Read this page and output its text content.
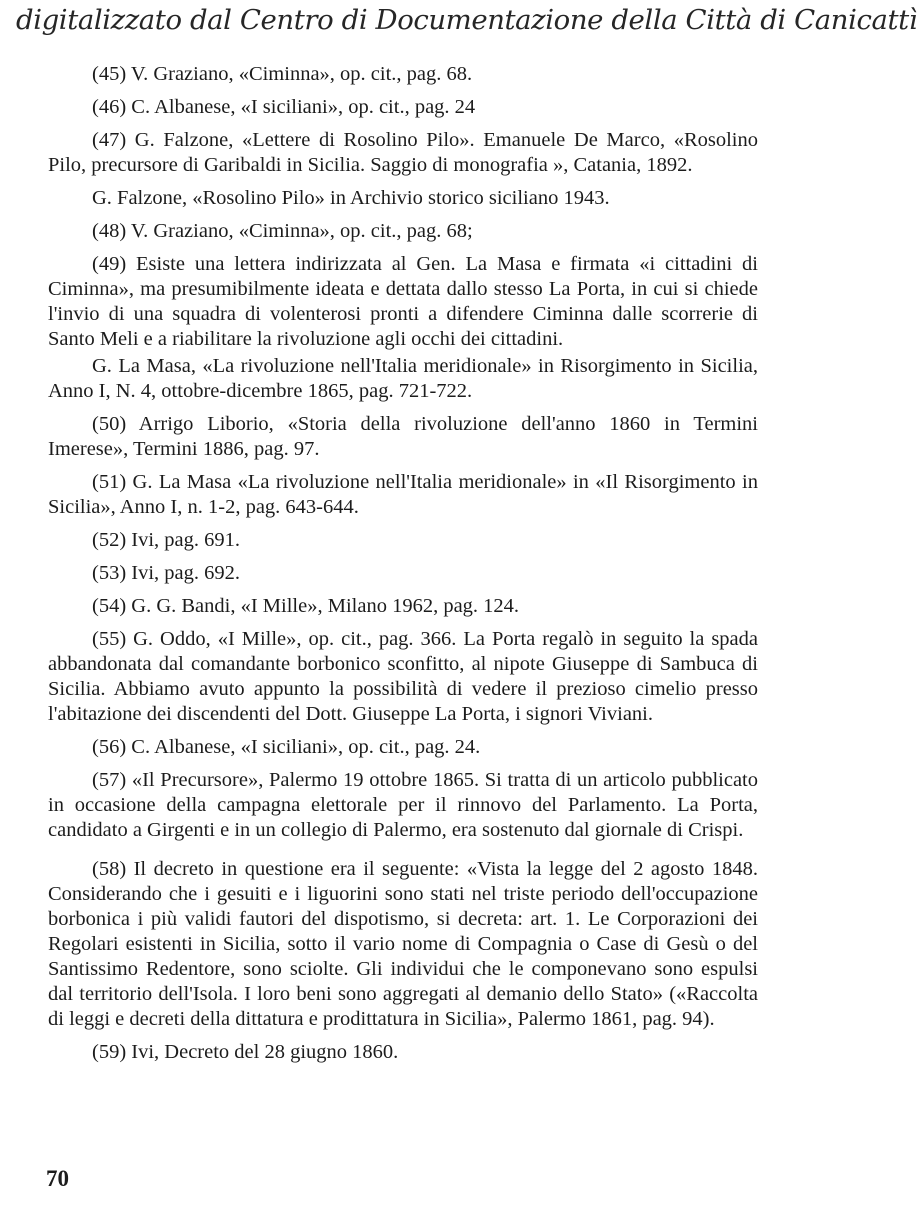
digitalizzato dal Centro di Documentazione della Città di Canicattì

(45) V. Graziano, «Ciminna», op. cit., pag. 68.

(46) C. Albanese, «I siciliani», op. cit., pag. 24

(47) G. Falzone, «Lettere di Rosolino Pilo». Emanuele De Marco, «Rosolino Pilo, precursore di Garibaldi in Sicilia. Saggio di monografia », Catania, 1892.

G. Falzone, «Rosolino Pilo» in Archivio storico siciliano 1943.

(48) V. Graziano, «Ciminna», op. cit., pag. 68;

(49) Esiste una lettera indirizzata al Gen. La Masa e firmata «i cittadini di Ciminna», ma presumibilmente ideata e dettata dallo stesso La Porta, in cui si chiede l'invio di una squadra di volenterosi pronti a difendere Ciminna dalle scorrerie di Santo Meli e a riabilitare la rivoluzione agli occhi dei cittadini.

G. La Masa, «La rivoluzione nell'Italia meridionale» in Risorgimento in Sicilia, Anno I, N. 4, ottobre-dicembre 1865, pag. 721-722.

(50) Arrigo Liborio, «Storia della rivoluzione dell'anno 1860 in Termini Imerese», Termini 1886, pag. 97.

(51) G. La Masa «La rivoluzione nell'Italia meridionale» in «Il Risorgimento in Sicilia», Anno I, n. 1-2, pag. 643-644.

(52) Ivi, pag. 691.

(53) Ivi, pag. 692.

(54) G. G. Bandi, «I Mille», Milano 1962, pag. 124.

(55) G. Oddo, «I Mille», op. cit., pag. 366. La Porta regalò in seguito la spada abbandonata dal comandante borbonico sconfitto, al nipote Giuseppe di Sambuca di Sicilia. Abbiamo avuto appunto la possibilità di vedere il prezioso cimelio presso l'abitazione dei discendenti del Dott. Giuseppe La Porta, i signori Viviani.

(56) C. Albanese, «I siciliani», op. cit., pag. 24.

(57) «Il Precursore», Palermo 19 ottobre 1865. Si tratta di un articolo pubblicato in occasione della campagna elettorale per il rinnovo del Parlamento. La Porta, candidato a Girgenti e in un collegio di Palermo, era sostenuto dal giornale di Crispi.

(58) Il decreto in questione era il seguente: «Vista la legge del 2 agosto 1848. Considerando che i gesuiti e i liguorini sono stati nel triste periodo dell'occupazione borbonica i più validi fautori del dispotismo, si decreta: art. 1. Le Corporazioni dei Regolari esistenti in Sicilia, sotto il vario nome di Compagnia o Case di Gesù o del Santissimo Redentore, sono sciolte. Gli individui che le componevano sono espulsi dal territorio dell'Isola. I loro beni sono aggregati al demanio dello Stato» («Raccolta di leggi e decreti della dittatura e prodittatura in Sicilia», Palermo 1861, pag. 94).

(59) Ivi, Decreto del 28 giugno 1860.

70
